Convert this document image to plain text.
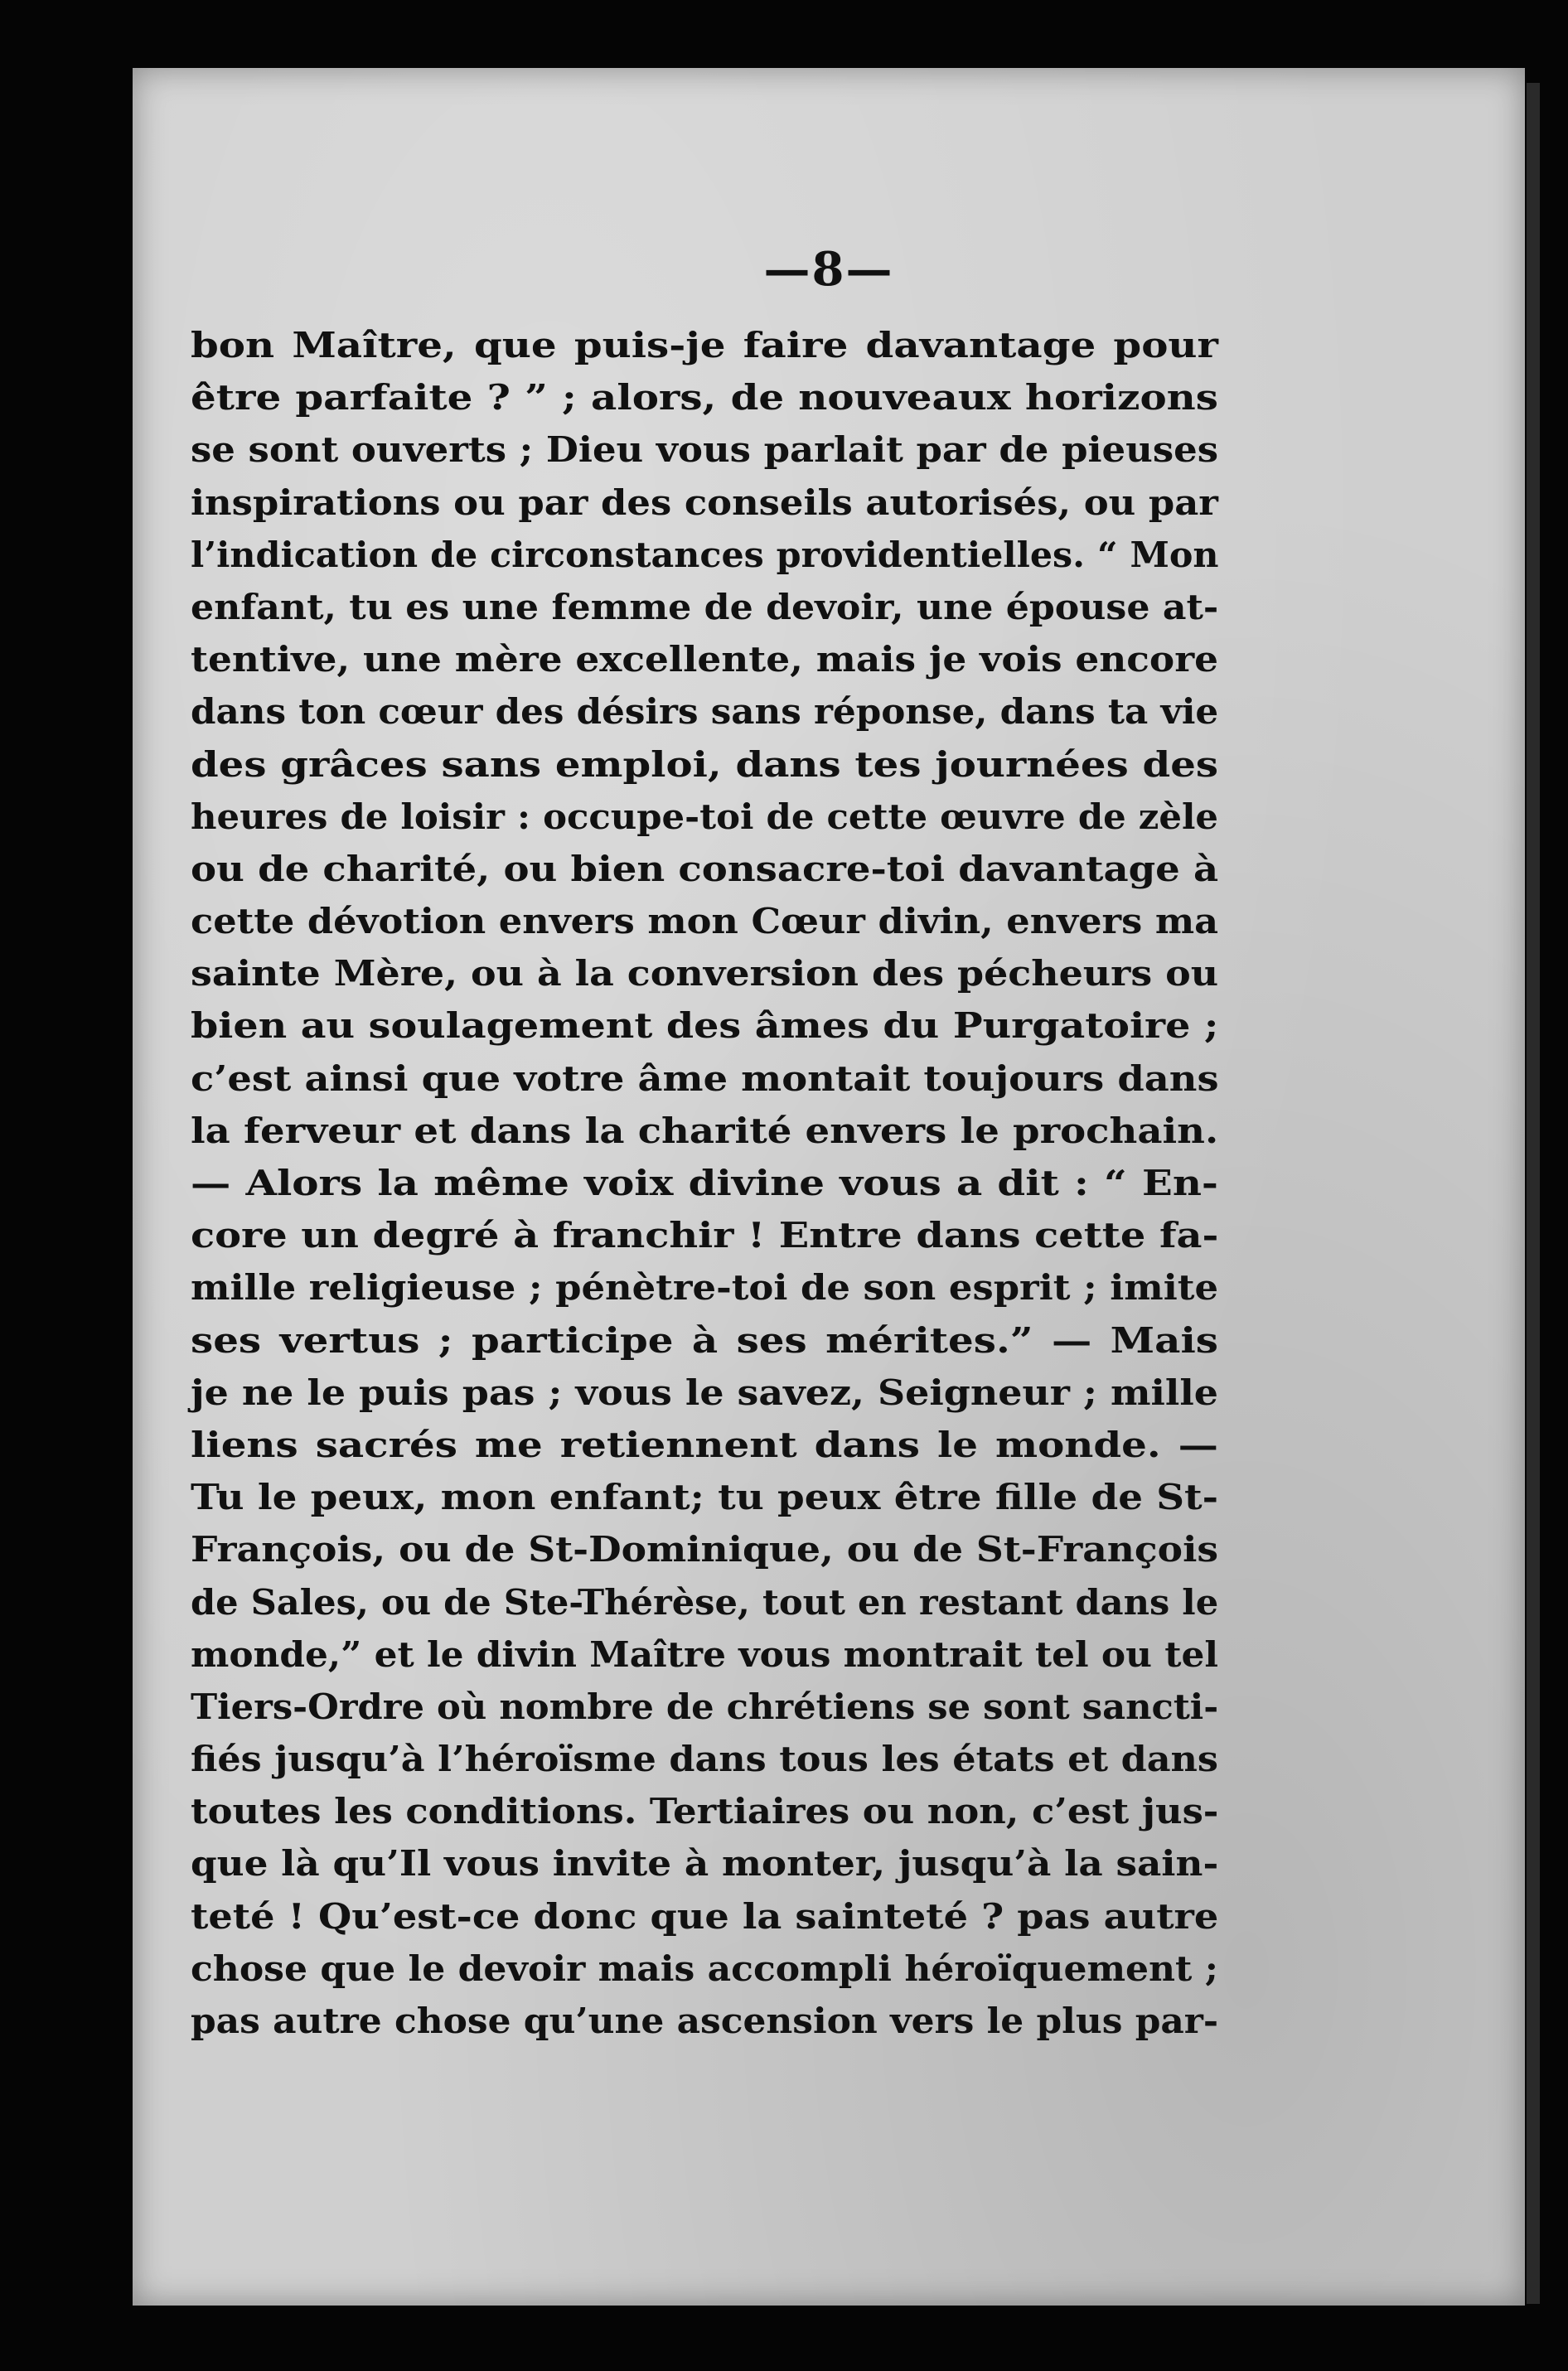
—8—
bon Maître, que puis-je faire davantage pour
être parfaite ? ” ; alors, de nouveaux horizons
se sont ouverts ; Dieu vous parlait par de pieuses
inspirations ou par des conseils autorisés, ou par
l’indication de circonstances providentielles. “ Mon
enfant, tu es une femme de devoir, une épouse at-
tentive, une mère excellente, mais je vois encore
dans ton cœur des désirs sans réponse, dans ta vie
des grâces sans emploi, dans tes journées des
heures de loisir : occupe-toi de cette œuvre de zèle
ou de charité, ou bien consacre-toi davantage à
cette dévotion envers mon Cœur divin, envers ma
sainte Mère, ou à la conversion des pécheurs ou
bien au soulagement des âmes du Purgatoire ;
c’est ainsi que votre âme montait toujours dans
la ferveur et dans la charité envers le prochain.
— Alors la même voix divine vous a dit : “ En-
core un degré à franchir ! Entre dans cette fa-
mille religieuse ; pénètre-toi de son esprit ; imite
ses vertus ; participe à ses mérites.” — Mais
je ne le puis pas ; vous le savez, Seigneur ; mille
liens sacrés me retiennent dans le monde. —
Tu le peux, mon enfant; tu peux être fille de St-
François, ou de St-Dominique, ou de St-François
de Sales, ou de Ste-Thérèse, tout en restant dans le
monde,” et le divin Maître vous montrait tel ou tel
Tiers-Ordre où nombre de chrétiens se sont sancti-
fiés jusqu’à l’héroïsme dans tous les états et dans
toutes les conditions. Tertiaires ou non, c’est jus-
que là qu’Il vous invite à monter, jusqu’à la sain-
teté ! Qu’est-ce donc que la sainteté ? pas autre
chose que le devoir mais accompli héroïquement ;
pas autre chose qu’une ascension vers le plus par-
